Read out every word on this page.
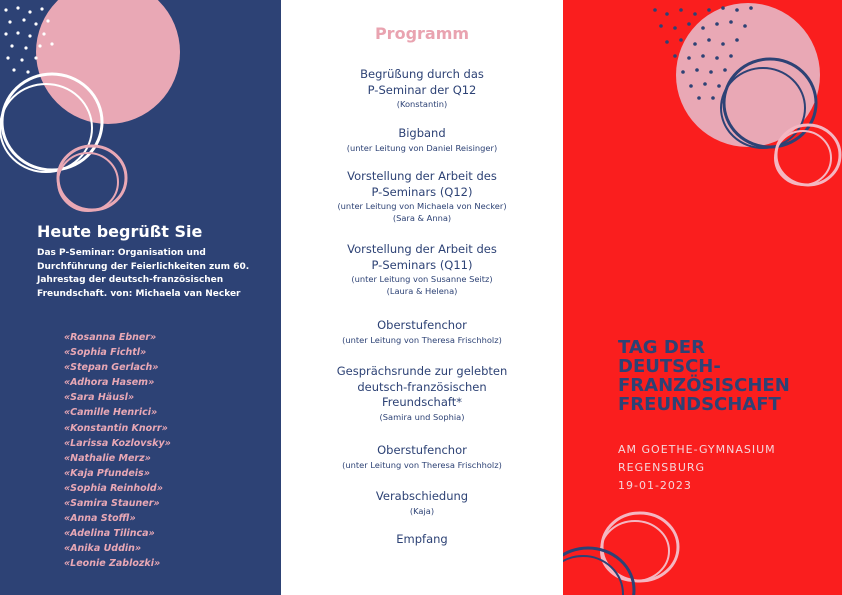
Heute begrüßt Sie

Das P-Seminar: Organisation und Durchführung der Feierlichkeiten zum 60. Jahrestag der deutsch-französischen Freundschaft. von: Michaela van Necker

«Rosanna Ebner»
«Sophia Fichtl»
«Stepan Gerlach»
«Adhora Hasem»
«Sara Häusl»
«Camille Henrici»
«Konstantin Knorr»
«Larissa Kozlovsky»
«Nathalie Merz»
«Kaja Pfundeis»
«Sophia Reinhold»
«Samira Stauner»
«Anna Stoffl»
«Adelina Tilinca»
«Anika Uddin»
«Leonie Zablozki»
Programm
Begrüßung durch das
P-Seminar der Q12
(Konstantin)
Bigband
(unter Leitung von Daniel Reisinger)
Vorstellung der Arbeit des
P-Seminars (Q12)
(unter Leitung von Michaela von Necker)
(Sara & Anna)
Vorstellung der Arbeit des
P-Seminars (Q11)
(unter Leitung von Susanne Seitz)
(Laura & Helena)
Oberstufenchor
(unter Leitung von Theresa Frischholz)
Gesprächsrunde zur gelebten
deutsch-französischen
Freundschaft*
(Samira und Sophia)
Oberstufenchor
(unter Leitung von Theresa Frischholz)
Verabschiedung
(Kaja)
Empfang
TAG DER
DEUTSCH-
FRANZÖSISCHEN
FREUNDSCHAFT
AM GOETHE-GYMNASIUM
REGENSBURG
19-01-2023
